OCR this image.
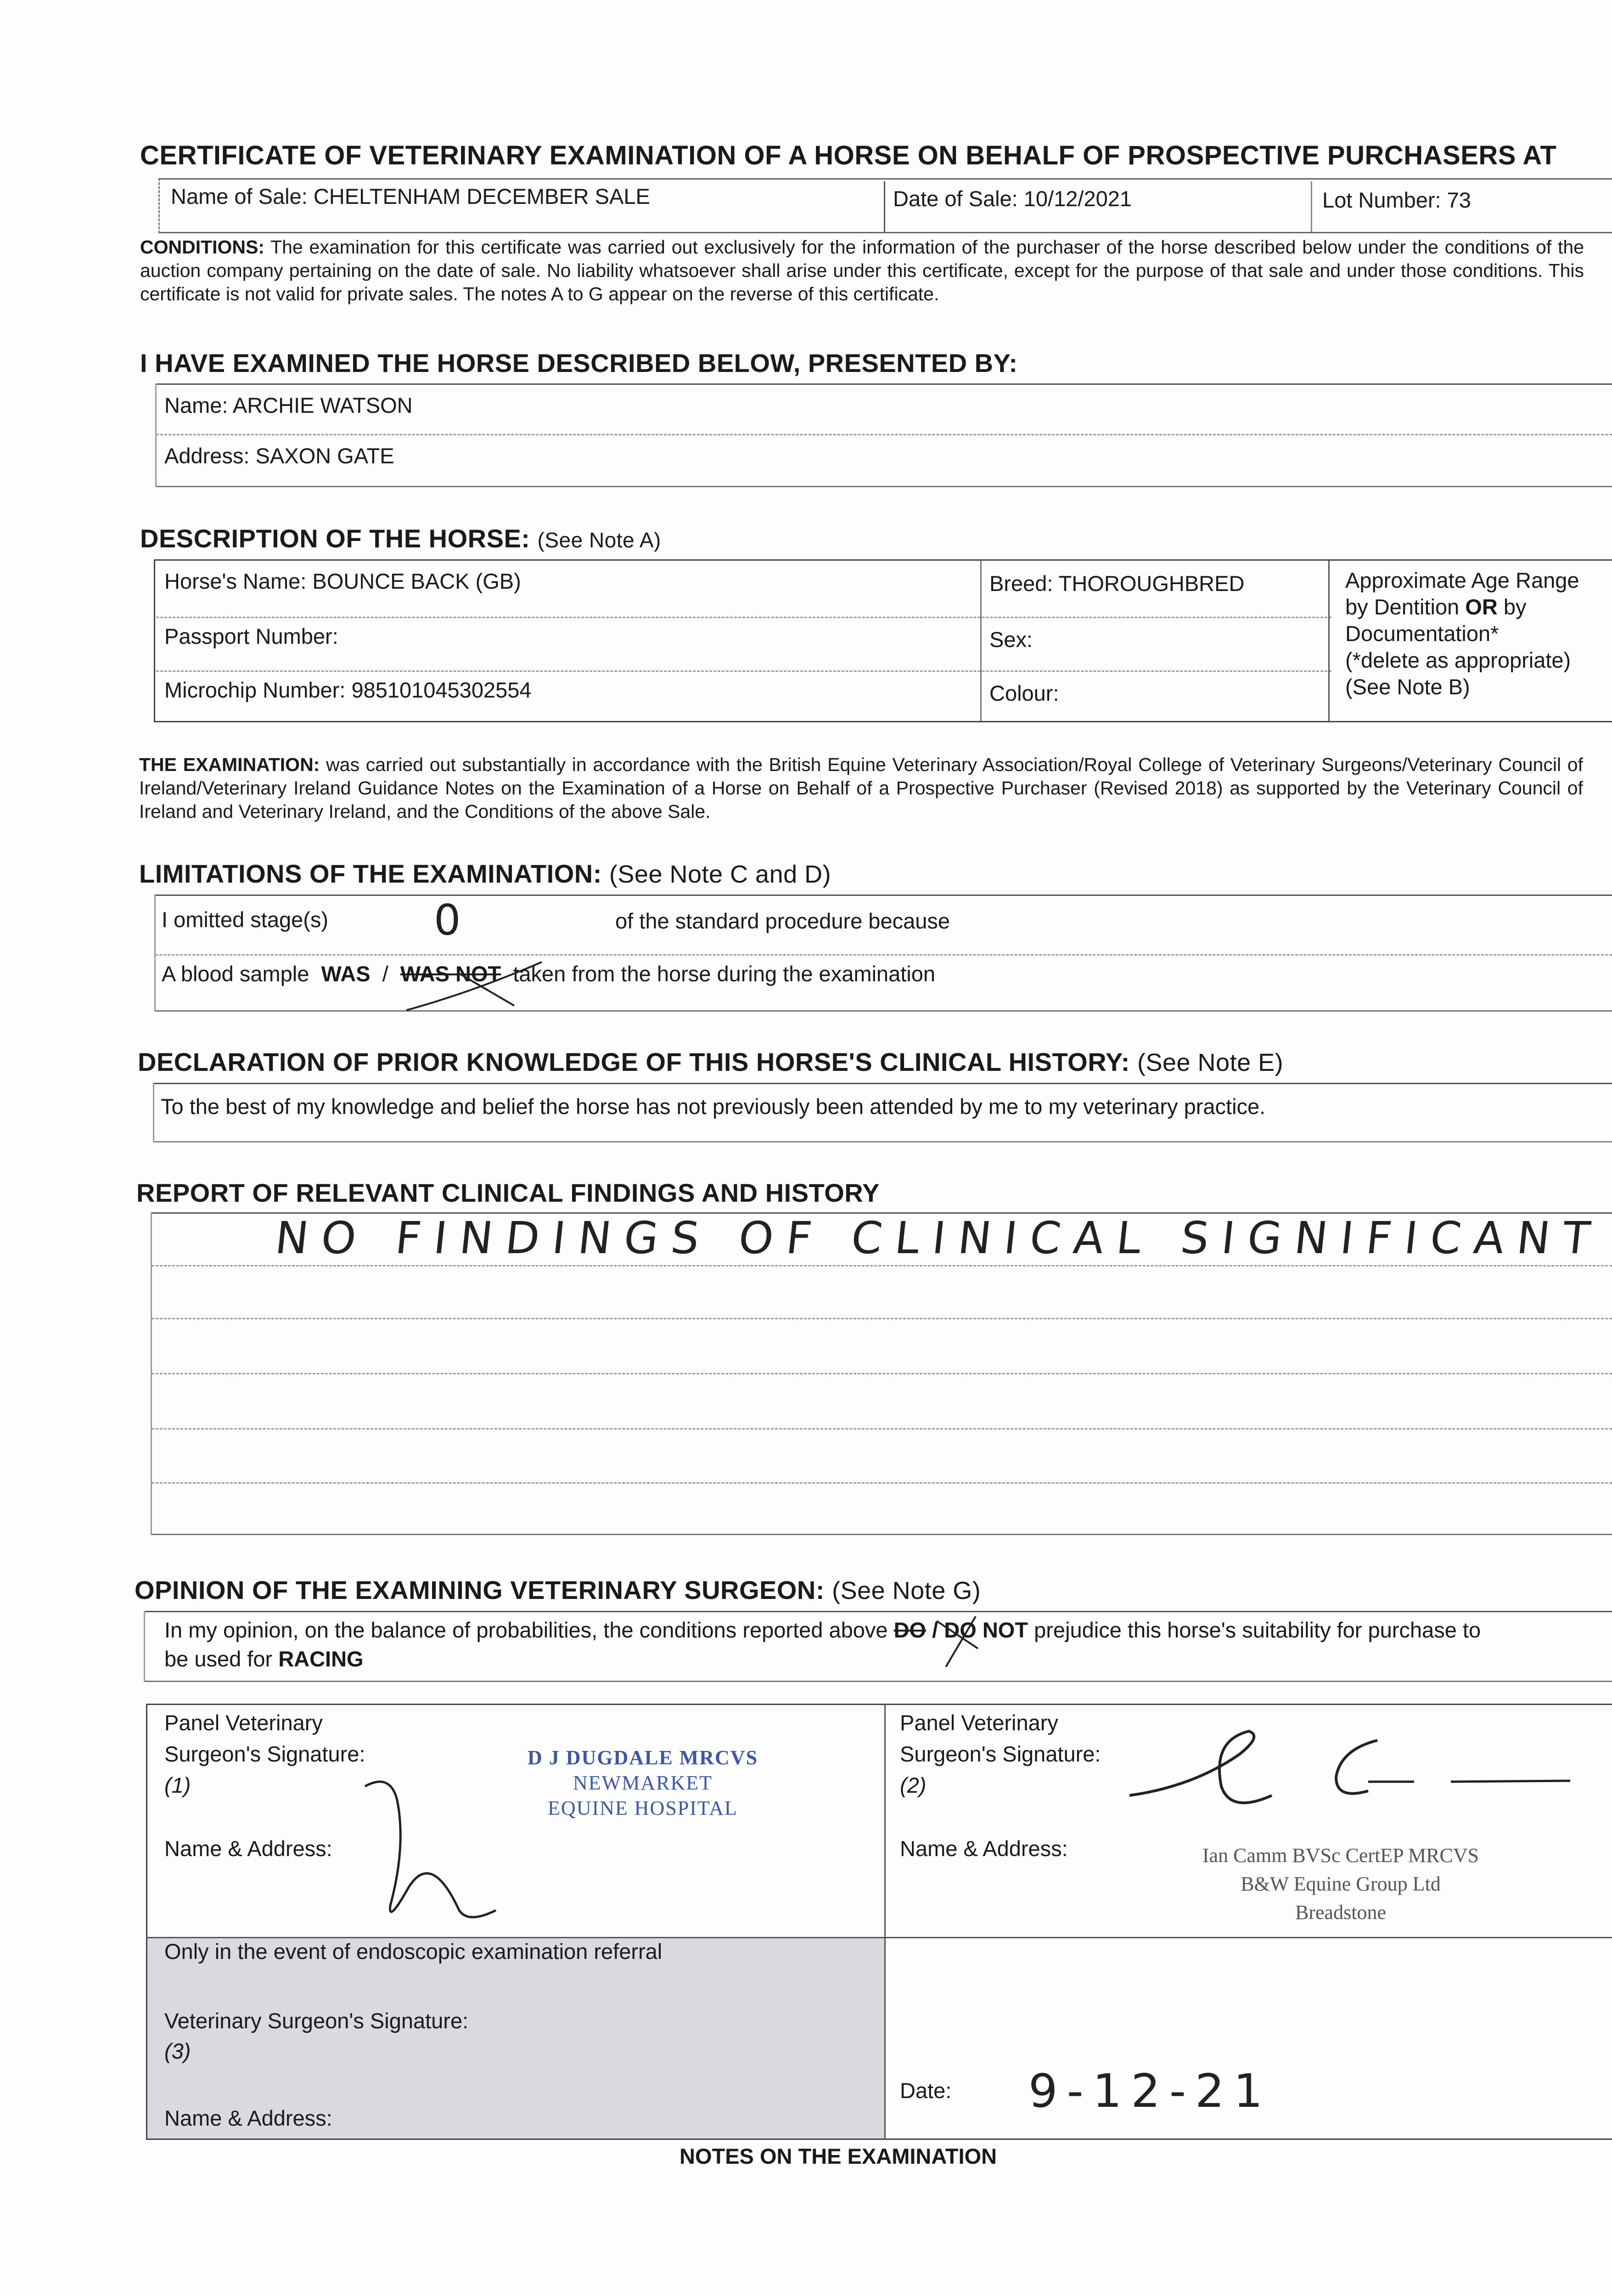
CERTIFICATE OF VETERINARY EXAMINATION OF A HORSE ON BEHALF OF PROSPECTIVE PURCHASERS AT
Name of Sale: CHELTENHAM DECEMBER SALE	Date of Sale: 10/12/2021	Lot Number: 73
CONDITIONS: The examination for this certificate was carried out exclusively for the information of the purchaser of the horse described below under the conditions of the auction company pertaining on the date of sale. No liability whatsoever shall arise under this certificate, except for the purpose of that sale and under those conditions. This certificate is not valid for private sales. The notes A to G appear on the reverse of this certificate.
I HAVE EXAMINED THE HORSE DESCRIBED BELOW, PRESENTED BY:
Name: ARCHIE WATSON
Address: SAXON GATE
DESCRIPTION OF THE HORSE: (See Note A)
Horse's Name: BOUNCE BACK (GB)	Breed: THOROUGHBRED
Passport Number:	Sex:
Microchip Number: 985101045302554	Colour:
Approximate Age Range
by Dentition OR by
Documentation*
(*delete as appropriate)
(See Note B)
THE EXAMINATION: was carried out substantially in accordance with the British Equine Veterinary Association/Royal College of Veterinary Surgeons/Veterinary Council of Ireland/Veterinary Ireland Guidance Notes on the Examination of a Horse on Behalf of a Prospective Purchaser (Revised 2018) as supported by the Veterinary Council of Ireland and Veterinary Ireland, and the Conditions of the above Sale.
LIMITATIONS OF THE EXAMINATION: (See Note C and D)
I omitted stage(s) 0	of the standard procedure because
A blood sample WAS / WAS NOT taken from the horse during the examination
DECLARATION OF PRIOR KNOWLEDGE OF THIS HORSE'S CLINICAL HISTORY: (See Note E)
To the best of my knowledge and belief the horse has not previously been attended by me to my veterinary practice.
REPORT OF RELEVANT CLINICAL FINDINGS AND HISTORY
NO FINDINGS OF CLINICAL SIGNIFICANT
OPINION OF THE EXAMINING VETERINARY SURGEON: (See Note G)
In my opinion, on the balance of probabilities, the conditions reported above DO / DO NOT prejudice this horse's suitability for purchase to
be used for RACING
Panel Veterinary
Surgeon's Signature:
(1)
Name & Address:
D J DUGDALE MRCVS
NEWMARKET
EQUINE HOSPITAL
Panel Veterinary
Surgeon's Signature:
(2)
Name & Address:	Ian Camm BVSc CertEP MRCVS
B&W Equine Group Ltd
Breadstone
Only in the event of endoscopic examination referral
Veterinary Surgeon's Signature:
(3)
Name & Address:
Date: 9-12-21
NOTES ON THE EXAMINATION
